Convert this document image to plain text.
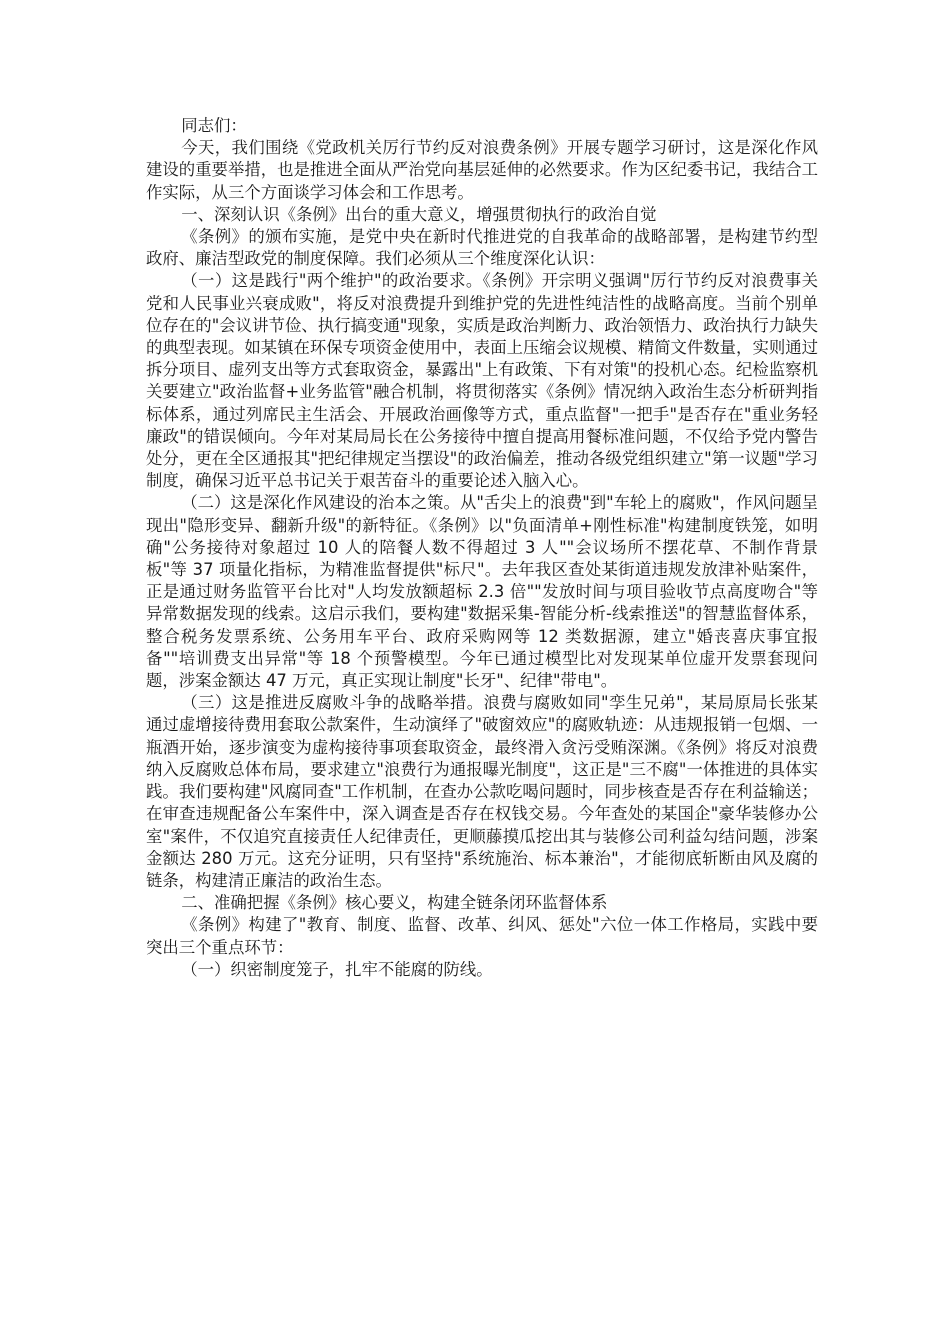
同志们：

今天，我们围绕《党政机关厉行节约反对浪费条例》开展专题学习研讨，这是深化作风建设的重要举措，也是推进全面从严治党向基层延伸的必然要求。作为区纪委书记，我结合工作实际，从三个方面谈学习体会和工作思考。

一、深刻认识《条例》出台的重大意义，增强贯彻执行的政治自觉

《条例》的颁布实施，是党中央在新时代推进党的自我革命的战略部署，是构建节约型政府、廉洁型政党的制度保障。我们必须从三个维度深化认识：

（一）这是践行"两个维护"的政治要求。《条例》开宗明义强调"厉行节约反对浪费事关党和人民事业兴衰成败"，将反对浪费提升到维护党的先进性纯洁性的战略高度。当前个别单位存在的"会议讲节俭、执行搞变通"现象，实质是政治判断力、政治领悟力、政治执行力缺失的典型表现。如某镇在环保专项资金使用中，表面上压缩会议规模、精简文件数量，实则通过拆分项目、虚列支出等方式套取资金，暴露出"上有政策、下有对策"的投机心态。纪检监察机关要建立"政治监督+业务监管"融合机制，将贯彻落实《条例》情况纳入政治生态分析研判指标体系，通过列席民主生活会、开展政治画像等方式，重点监督"一把手"是否存在"重业务轻廉政"的错误倾向。今年对某局局长在公务接待中擅自提高用餐标准问题，不仅给予党内警告处分，更在全区通报其"把纪律规定当摆设"的政治偏差，推动各级党组织建立"第一议题"学习制度，确保习近平总书记关于艰苦奋斗的重要论述入脑入心。

（二）这是深化作风建设的治本之策。从"舌尖上的浪费"到"车轮上的腐败"，作风问题呈现出"隐形变异、翻新升级"的新特征。《条例》以"负面清单+刚性标准"构建制度铁笼，如明确"公务接待对象超过 10 人的陪餐人数不得超过 3 人""会议场所不摆花草、不制作背景板"等 37 项量化指标，为精准监督提供"标尺"。去年我区查处某街道违规发放津补贴案件，正是通过财务监管平台比对"人均发放额超标 2.3 倍""发放时间与项目验收节点高度吻合"等异常数据发现的线索。这启示我们，要构建"数据采集-智能分析-线索推送"的智慧监督体系，整合税务发票系统、公务用车平台、政府采购网等 12 类数据源，建立"婚丧喜庆事宜报备""培训费支出异常"等 18 个预警模型。今年已通过模型比对发现某单位虚开发票套现问题，涉案金额达 47 万元，真正实现让制度"长牙"、纪律"带电"。

（三）这是推进反腐败斗争的战略举措。浪费与腐败如同"孪生兄弟"，某局原局长张某通过虚增接待费用套取公款案件，生动演绎了"破窗效应"的腐败轨迹：从违规报销一包烟、一瓶酒开始，逐步演变为虚构接待事项套取资金，最终滑入贪污受贿深渊。《条例》将反对浪费纳入反腐败总体布局，要求建立"浪费行为通报曝光制度"，这正是"三不腐"一体推进的具体实践。我们要构建"风腐同查"工作机制，在查办公款吃喝问题时，同步核查是否存在利益输送；在审查违规配备公车案件中，深入调查是否存在权钱交易。今年查处的某国企"豪华装修办公室"案件，不仅追究直接责任人纪律责任，更顺藤摸瓜挖出其与装修公司利益勾结问题，涉案金额达 280 万元。这充分证明，只有坚持"系统施治、标本兼治"，才能彻底斩断由风及腐的链条，构建清正廉洁的政治生态。

二、准确把握《条例》核心要义，构建全链条闭环监督体系

《条例》构建了"教育、制度、监督、改革、纠风、惩处"六位一体工作格局，实践中要突出三个重点环节：

（一）织密制度笼子，扎牢不能腐的防线。
